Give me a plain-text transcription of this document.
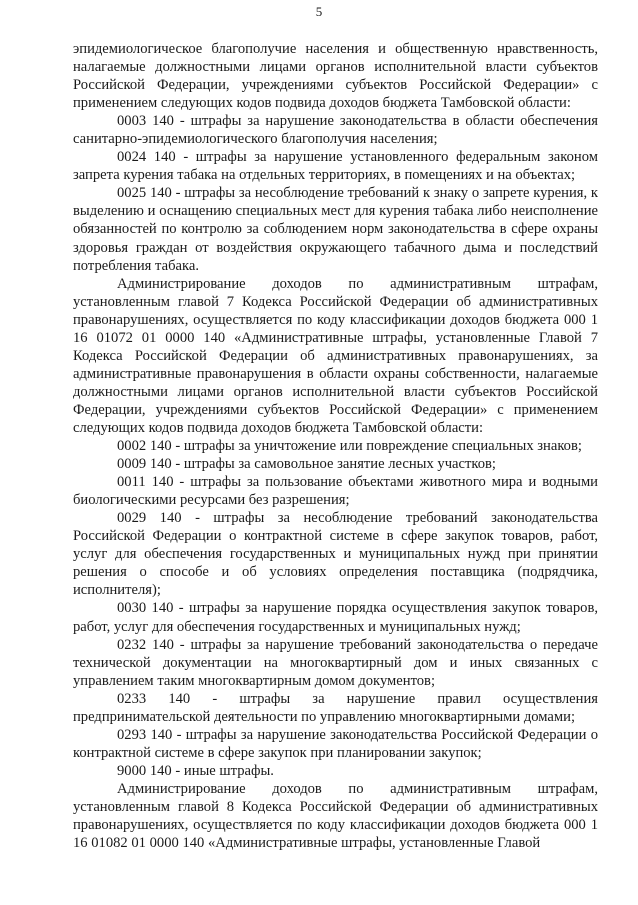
5

эпидемиологическое благополучие населения и общественную нравственность, налагаемые должностными лицами органов исполнительной власти субъектов Российской Федерации, учреждениями субъектов Российской Федерации» с применением следующих кодов подвида доходов бюджета Тамбовской области:

0003 140 - штрафы за нарушение законодательства в области обеспечения санитарно-эпидемиологического благополучия населения;

0024 140 - штрафы за нарушение установленного федеральным законом запрета курения табака на отдельных территориях, в помещениях и на объектах;

0025 140 - штрафы за несоблюдение требований к знаку о запрете курения, к выделению и оснащению специальных мест для курения табака либо неисполнение обязанностей по контролю за соблюдением норм законодательства в сфере охраны здоровья граждан от воздействия окружающего табачного дыма и последствий потребления табака.

Администрирование доходов по административным штрафам, установленным главой 7 Кодекса Российской Федерации об административных правонарушениях, осуществляется по коду классификации доходов бюджета 000 1 16 01072 01 0000 140 «Административные штрафы, установленные Главой 7 Кодекса Российской Федерации об административных правонарушениях, за административные правонарушения в области охраны собственности, налагаемые должностными лицами органов исполнительной власти субъектов Российской Федерации, учреждениями субъектов Российской Федерации» с применением следующих кодов подвида доходов бюджета Тамбовской области:

0002 140 - штрафы за уничтожение или повреждение специальных знаков;

0009 140 - штрафы за самовольное занятие лесных участков;

0011 140 - штрафы за пользование объектами животного мира и водными биологическими ресурсами без разрешения;

0029 140 - штрафы за несоблюдение требований законодательства Российской Федерации о контрактной системе в сфере закупок товаров, работ, услуг для обеспечения государственных и муниципальных нужд при принятии решения о способе и об условиях определения поставщика (подрядчика, исполнителя);

0030 140 - штрафы за нарушение порядка осуществления закупок товаров, работ, услуг для обеспечения государственных и муниципальных нужд;

0232 140 - штрафы за нарушение требований законодательства о передаче технической документации на многоквартирный дом и иных связанных с управлением таким многоквартирным домом документов;

0233 140 - штрафы за нарушение правил осуществления предпринимательской деятельности по управлению многоквартирными домами;

0293 140 - штрафы за нарушение законодательства Российской Федерации о контрактной системе в сфере закупок при планировании закупок;

9000 140 - иные штрафы.

Администрирование доходов по административным штрафам, установленным главой 8 Кодекса Российской Федерации об административных правонарушениях, осуществляется по коду классификации доходов бюджета 000 1 16 01082 01 0000 140 «Административные штрафы, установленные Главой
